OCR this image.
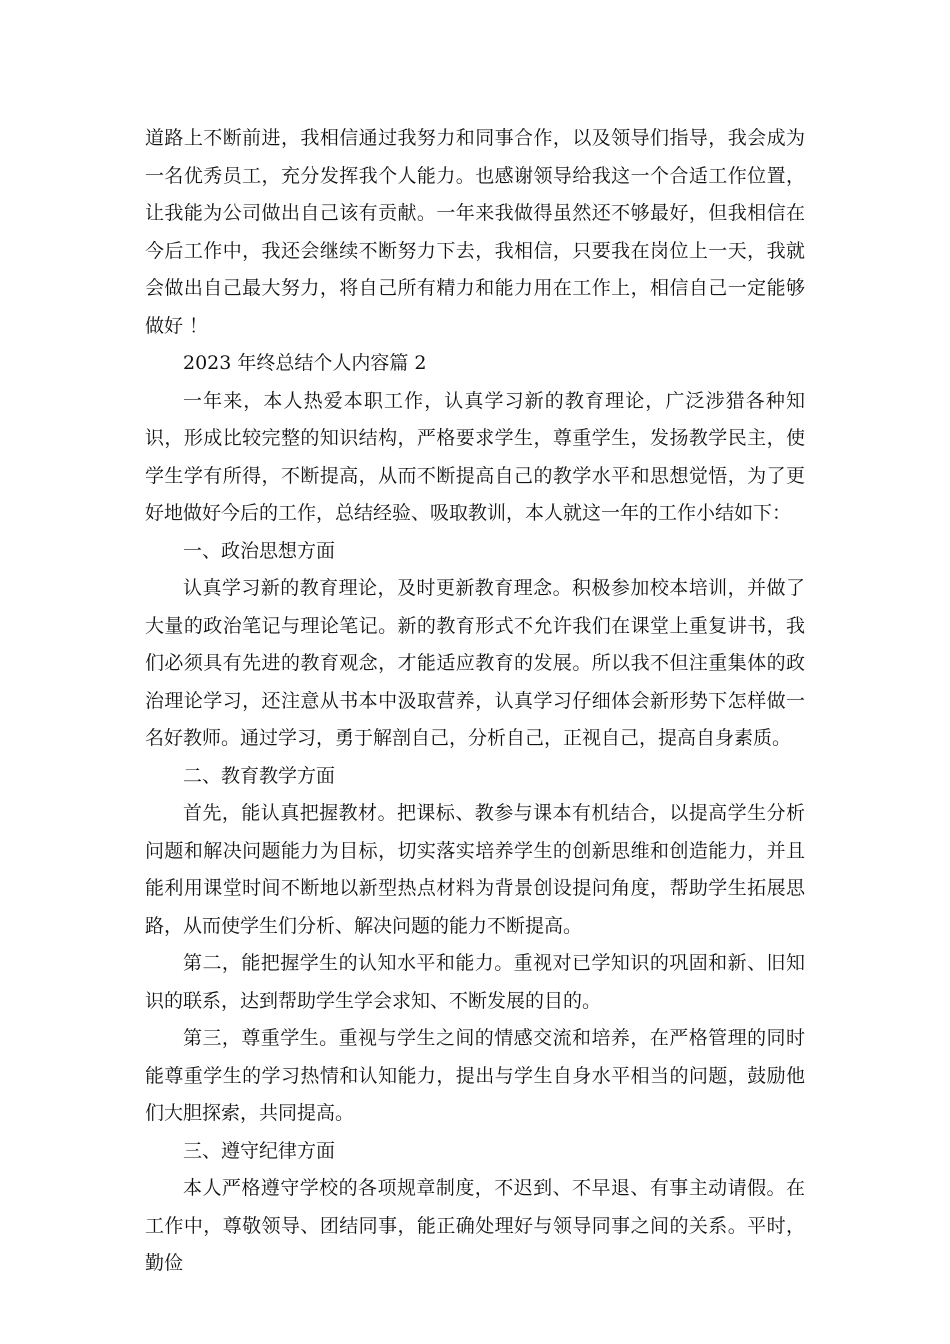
道路上不断前进，我相信通过我努力和同事合作，以及领导们指导，我会成为一名优秀员工，充分发挥我个人能力。也感谢领导给我这一个合适工作位置，让我能为公司做出自己该有贡献。一年来我做得虽然还不够最好，但我相信在今后工作中，我还会继续不断努力下去，我相信，只要我在岗位上一天，我就会做出自己最大努力，将自己所有精力和能力用在工作上，相信自己一定能够做好 ！

2023 年终总结个人内容篇 2

一年来，本人热爱本职工作，认真学习新的教育理论，广泛涉猎各种知识，形成比较完整的知识结构，严格要求学生，尊重学生，发扬教学民主，使学生学有所得，不断提高，从而不断提高自己的教学水平和思想觉悟，为了更好地做好今后的工作，总结经验、吸取教训，本人就这一年的工作小结如下：

一、政治思想方面

认真学习新的教育理论，及时更新教育理念。积极参加校本培训，并做了大量的政治笔记与理论笔记。新的教育形式不允许我们在课堂上重复讲书，我们必须具有先进的教育观念，才能适应教育的发展。所以我不但注重集体的政治理论学习，还注意从书本中汲取营养，认真学习仔细体会新形势下怎样做一名好教师。通过学习，勇于解剖自己，分析自己，正视自己，提高自身素质。

二、教育教学方面

首先，能认真把握教材。把课标、教参与课本有机结合，以提高学生分析问题和解决问题能力为目标，切实落实培养学生的创新思维和创造能力，并且能利用课堂时间不断地以新型热点材料为背景创设提问角度，帮助学生拓展思路，从而使学生们分析、解决问题的能力不断提高。

第二，能把握学生的认知水平和能力。重视对已学知识的巩固和新、旧知识的联系，达到帮助学生学会求知、不断发展的目的。

第三，尊重学生。重视与学生之间的情感交流和培养，在严格管理的同时能尊重学生的学习热情和认知能力，提出与学生自身水平相当的问题，鼓励他们大胆探索，共同提高。

三、遵守纪律方面

本人严格遵守学校的各项规章制度，不迟到、不早退、有事主动请假。在工作中，尊敬领导、团结同事，能正确处理好与领导同事之间的关系。平时，勤俭
